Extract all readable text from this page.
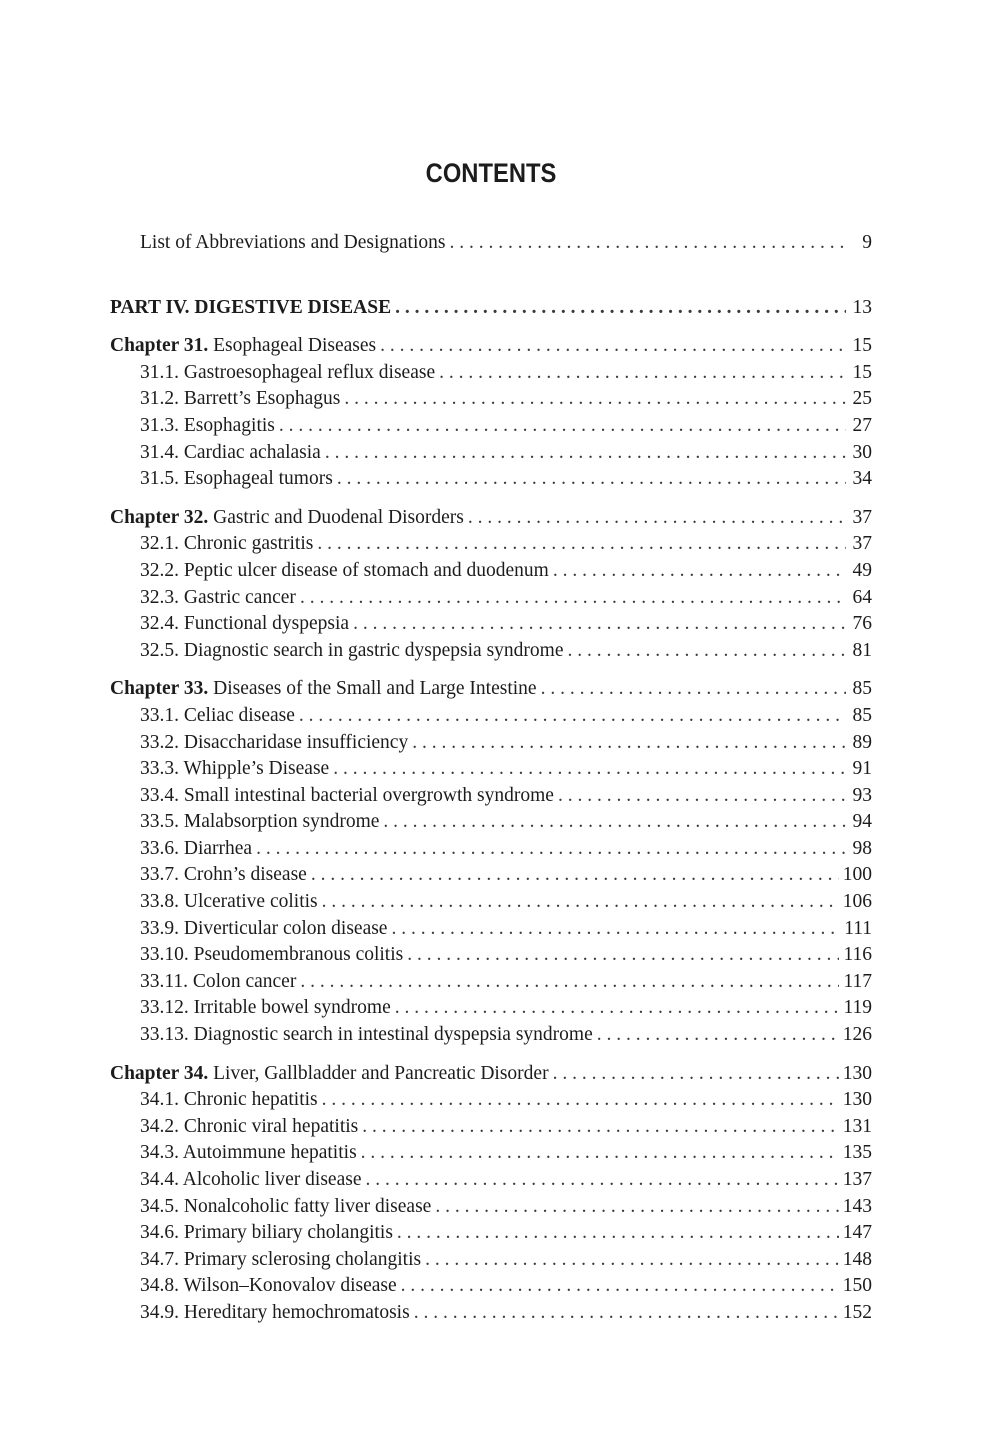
CONTENTS
List of Abbreviations and Designations . . .	9
PART IV. DIGESTIVE DISEASE . . .	13
Chapter 31. Esophageal Diseases . . .	15
31.1. Gastroesophageal reflux disease . . .	15
31.2. Barrett’s Esophagus . . .	25
31.3. Esophagitis . . .	27
31.4. Cardiac achalasia . . .	30
31.5. Esophageal tumors . . .	34
Chapter 32. Gastric and Duodenal Disorders . . .	37
32.1. Chronic gastritis . . .	37
32.2. Peptic ulcer disease of stomach and duodenum . . .	49
32.3. Gastric cancer . . .	64
32.4. Functional dyspepsia . . .	76
32.5. Diagnostic search in gastric dyspepsia syndrome . . .	81
Chapter 33. Diseases of the Small and Large Intestine . . .	85
33.1. Celiac disease . . .	85
33.2. Disaccharidase insufficiency . . .	89
33.3. Whipple’s Disease . . .	91
33.4. Small intestinal bacterial overgrowth syndrome . . .	93
33.5. Malabsorption syndrome . . .	94
33.6. Diarrhea . . .	98
33.7. Crohn’s disease . . .	100
33.8. Ulcerative colitis . . .	106
33.9. Diverticular colon disease . . .	111
33.10. Pseudomembranous colitis . . .	116
33.11. Colon cancer . . .	117
33.12. Irritable bowel syndrome . . .	119
33.13. Diagnostic search in intestinal dyspepsia syndrome . . .	126
Chapter 34. Liver, Gallbladder and Pancreatic Disorder . . .	130
34.1. Chronic hepatitis . . .	130
34.2. Chronic viral hepatitis . . .	131
34.3. Autoimmune hepatitis . . .	135
34.4. Alcoholic liver disease . . .	137
34.5. Nonalcoholic fatty liver disease . . .	143
34.6. Primary biliary cholangitis . . .	147
34.7. Primary sclerosing cholangitis . . .	148
34.8. Wilson–Konovalov disease . . .	150
34.9. Hereditary hemochromatosis . . .	152
